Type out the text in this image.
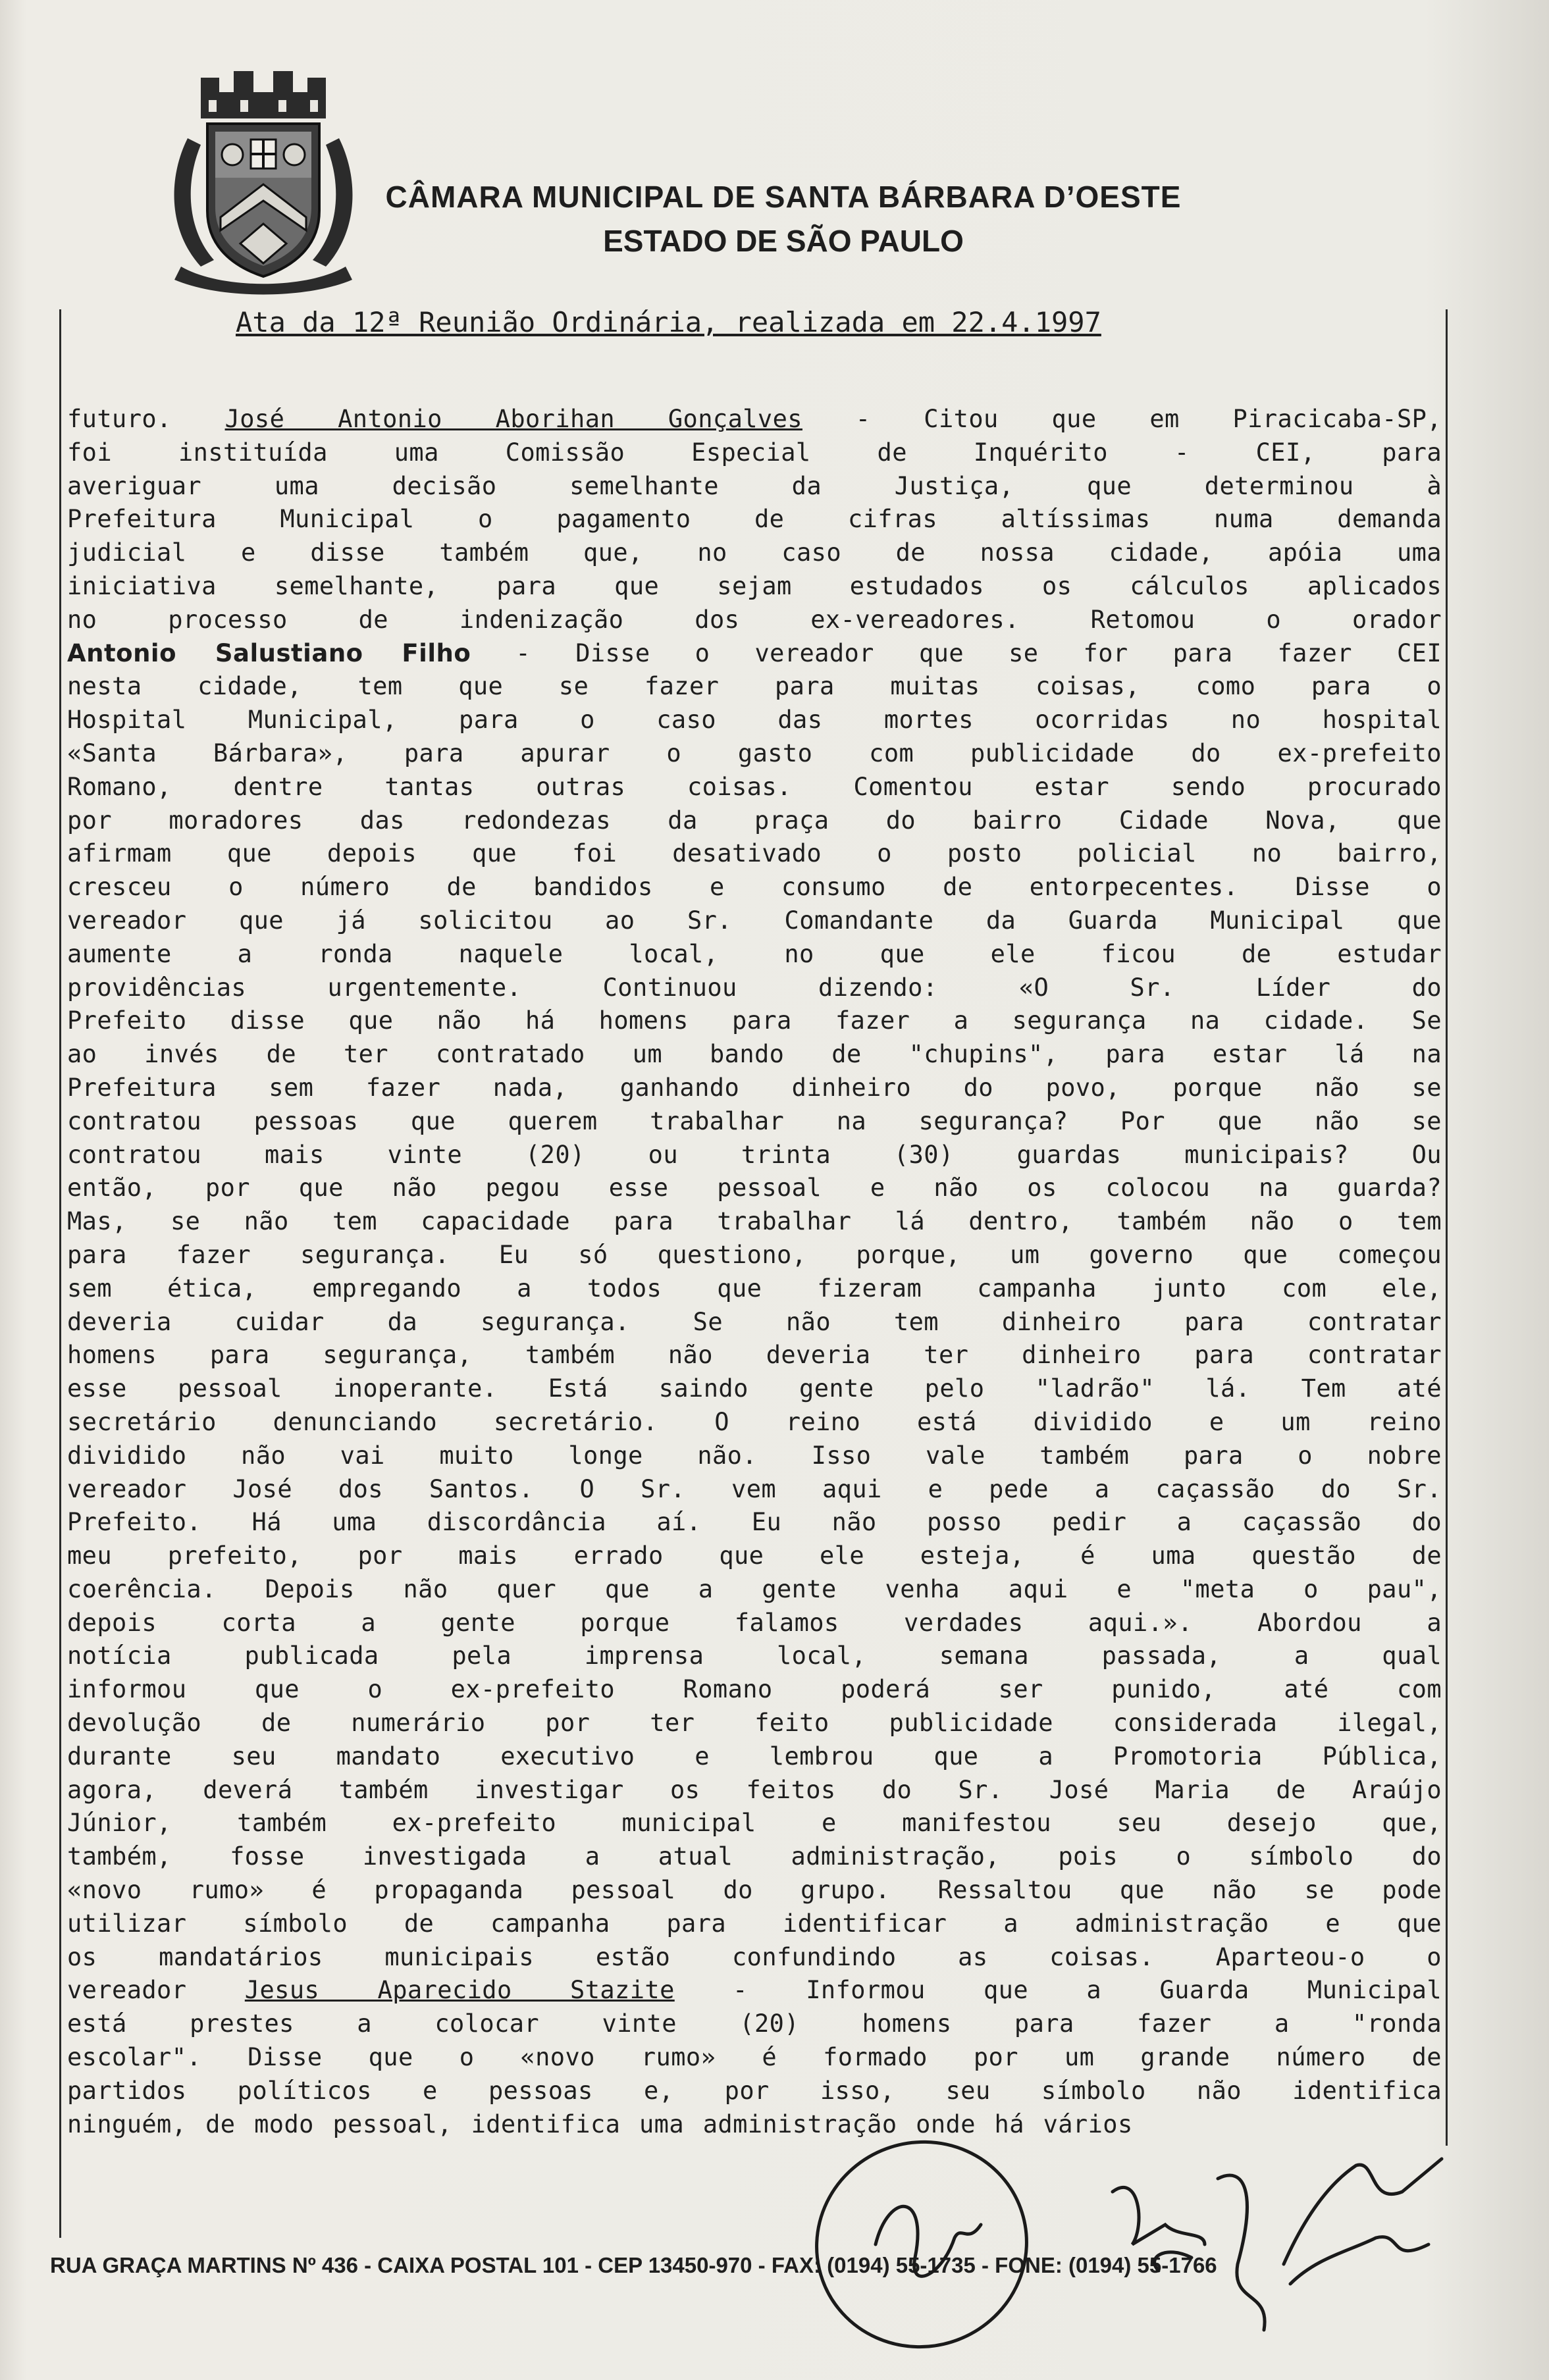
CÂMARA MUNICIPAL DE SANTA BÁRBARA D’OESTE
ESTADO DE SÃO PAULO
Ata da 12ª Reunião Ordinária, realizada em 22.4.1997
futuro. José Antonio Aborihan Gonçalves - Citou que em Piracicaba-SP,
foi instituída uma Comissão Especial de Inquérito - CEI, para
averiguar uma decisão semelhante da Justiça, que determinou à
Prefeitura Municipal o pagamento de cifras altíssimas numa demanda
judicial e disse também que, no caso de nossa cidade, apóia uma
iniciativa semelhante, para que sejam estudados os cálculos aplicados
no processo de indenização dos ex-vereadores. Retomou o orador
Antonio Salustiano Filho - Disse o vereador que se for para fazer CEI
nesta cidade, tem que se fazer para muitas coisas, como para o
Hospital Municipal, para o caso das mortes ocorridas no hospital
«Santa Bárbara», para apurar o gasto com publicidade do ex-prefeito
Romano, dentre tantas outras coisas. Comentou estar sendo procurado
por moradores das redondezas da praça do bairro Cidade Nova, que
afirmam que depois que foi desativado o posto policial no bairro,
cresceu o número de bandidos e consumo de entorpecentes. Disse o
vereador que já solicitou ao Sr. Comandante da Guarda Municipal que
aumente a ronda naquele local, no que ele ficou de estudar
providências urgentemente. Continuou dizendo: «O Sr. Líder do
Prefeito disse que não há homens para fazer a segurança na cidade. Se
ao invés de ter contratado um bando de "chupins", para estar lá na
Prefeitura sem fazer nada, ganhando dinheiro do povo, porque não se
contratou pessoas que querem trabalhar na segurança? Por que não se
contratou mais vinte (20) ou trinta (30) guardas municipais? Ou
então, por que não pegou esse pessoal e não os colocou na guarda?
Mas, se não tem capacidade para trabalhar lá dentro, também não o tem
para fazer segurança. Eu só questiono, porque, um governo que começou
sem ética, empregando a todos que fizeram campanha junto com ele,
deveria cuidar da segurança. Se não tem dinheiro para contratar
homens para segurança, também não deveria ter dinheiro para contratar
esse pessoal inoperante. Está saindo gente pelo "ladrão" lá. Tem até
secretário denunciando secretário. O reino está dividido e um reino
dividido não vai muito longe não. Isso vale também para o nobre
vereador José dos Santos. O Sr. vem aqui e pede a caçassão do Sr.
Prefeito. Há uma discordância aí. Eu não posso pedir a caçassão do
meu prefeito, por mais errado que ele esteja, é uma questão de
coerência. Depois não quer que a gente venha aqui e "meta o pau",
depois corta a gente porque falamos verdades aqui.». Abordou a
notícia publicada pela imprensa local, semana passada, a qual
informou que o ex-prefeito Romano poderá ser punido, até com
devolução de numerário por ter feito publicidade considerada ilegal,
durante seu mandato executivo e lembrou que a Promotoria Pública,
agora, deverá também investigar os feitos do Sr. José Maria de Araújo
Júnior, também ex-prefeito municipal e manifestou seu desejo que,
também, fosse investigada a atual administração, pois o símbolo do
«novo rumo» é propaganda pessoal do grupo. Ressaltou que não se pode
utilizar símbolo de campanha para identificar a administração e que
os mandatários municipais estão confundindo as coisas. Aparteou-o o
vereador Jesus Aparecido Stazite - Informou que a Guarda Municipal
está prestes a colocar vinte (20) homens para fazer a "ronda
escolar". Disse que o «novo rumo» é formado por um grande número de
partidos políticos e pessoas e, por isso, seu símbolo não identifica
ninguém, de modo pessoal, identifica uma administração onde há vários
RUA GRAÇA MARTINS Nº 436 - CAIXA POSTAL 101 - CEP 13450-970 - FAX: (0194) 55-1735 - FONE: (0194) 55-1766
